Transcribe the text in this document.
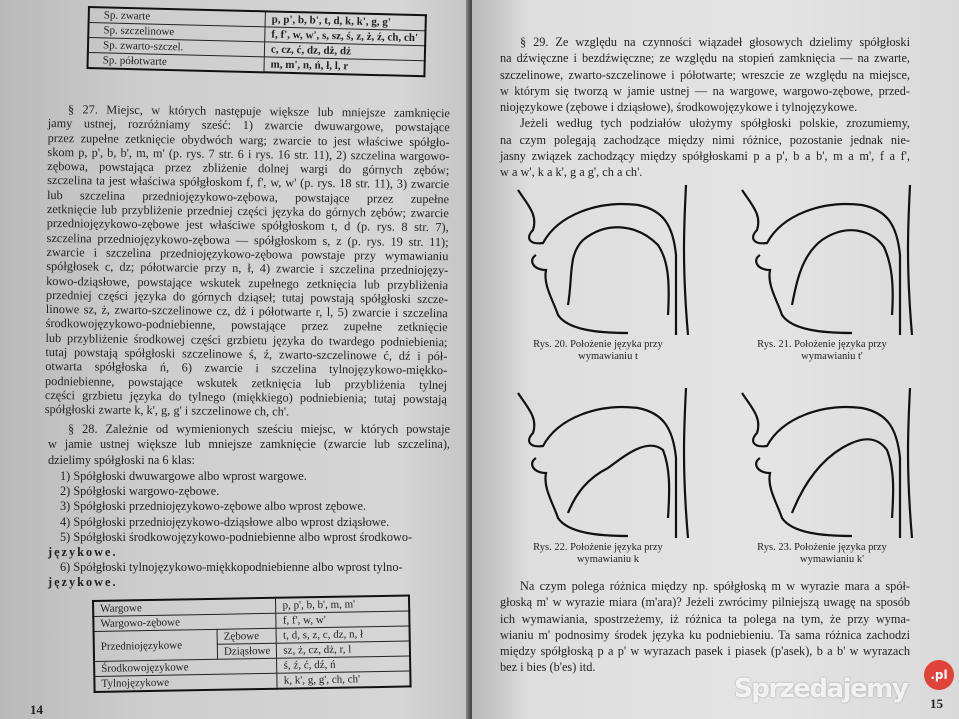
Sp. zwarte	p, p', b, b', t, d, k, k', g, g'
Sp. szczelinowe	f, f', w, w', s, sz, ś, z, ż, ź, ch, ch'
Sp. zwarto-szczel.	c, cz, ć, dz, dż, dź
Sp. półotwarte	m, m', n, ń, ł, l, r
§ 27. Miejsc, w których następuje większe lub mniejsze zamknięcie
jamy ustnej, rozróżniamy sześć: 1) zwarcie dwuwargowe, powstające
przez zupełne zetknięcie obydwóch warg; zwarcie to jest właściwe spółgło-
skom p, p', b, b', m, m' (p. rys. 7 str. 6 i rys. 16 str. 11), 2) szczelina wargowo-
zębowa, powstająca przez zbliżenie dolnej wargi do górnych zębów;
szczelina ta jest właściwa spółgłoskom f, f', w, w' (p. rys. 18 str. 11), 3) zwarcie
lub szczelina przedniojęzykowo-zębowa, powstające przez zupełne
zetknięcie lub przybliżenie przedniej części języka do górnych zębów; zwarcie
przedniojęzykowo-zębowe jest właściwe spółgłoskom t, d (p. rys. 8 str. 7),
szczelina przedniojęzykowo-zębowa — spółgłoskom s, z (p. rys. 19 str. 11);
zwarcie i szczelina przedniojęzykowo-zębowa powstaje przy wymawianiu
spółgłosek c, dz; półotwarcie przy n, ł, 4) zwarcie i szczelina przedniojęzy-
kowo-dziąsłowe, powstające wskutek zupełnego zetknięcia lub przybliżenia
przedniej części języka do górnych dziąseł; tutaj powstają spółgłoski szcze-
linowe sz, ż, zwarto-szczelinowe cz, dż i półotwarte r, l, 5) zwarcie i szczelina
środkowojęzykowo-podniebienne, powstające przez zupełne zetknięcie
lub przybliżenie środkowej części grzbietu języka do twardego podniebienia;
tutaj powstają spółgłoski szczelinowe ś, ź, zwarto-szczelinowe ć, dź i pół-
otwarta spółgłoska ń, 6) zwarcie i szczelina tylnojęzykowo-miękko-
podniebienne, powstające wskutek zetknięcia lub przybliżenia tylnej
części grzbietu języka do tylnego (miękkiego) podniebienia; tutaj powstają
spółgłoski zwarte k, k', g, g' i szczelinowe ch, ch'.
§ 28. Zależnie od wymienionych sześciu miejsc, w których powstaje
w jamie ustnej większe lub mniejsze zamknięcie (zwarcie lub szczelina),
dzielimy spółgłoski na 6 klas:
1) Spółgłoski dwuwargowe albo wprost wargowe.
2) Spółgłoski wargowo-zębowe.
3) Spółgłoski przedniojęzykowo-zębowe albo wprost zębowe.
4) Spółgłoski przedniojęzykowo-dziąsłowe albo wprost dziąsłowe.
5) Spółgłoski środkowojęzykowo-podniebienne albo wprost środkowo-
językowe.
6) Spółgłoski tylnojęzykowo-miękkopodniebienne albo wprost tylno-
językowe.
Wargowe		p, p', b, b', m, m'
Wargowo-zębowe		f, f', w, w'
Przedniojęzykowe	Zębowe	t, d, s, z, c, dz, n, ł
	Dziąsłowe	sz, ż, cz, dż, r, l
Środkowojęzykowe		ś, ź, ć, dź, ń
Tylnojęzykowe		k, k', g, g', ch, ch'
14
§ 29. Ze względu na czynności wiązadeł głosowych dzielimy spółgłoski
na dźwięczne i bezdźwięczne; ze względu na stopień zamknięcia — na zwarte,
szczelinowe, zwarto-szczelinowe i półotwarte; wreszcie ze względu na miejsce,
w którym się tworzą w jamie ustnej — na wargowe, wargowo-zębowe, przed-
niojęzykowe (zębowe i dziąsłowe), środkowojęzykowe i tylnojęzykowe.
Jeżeli według tych podziałów ułożymy spółgłoski polskie, zrozumiemy,
na czym polegają zachodzące między nimi różnice, pozostanie jednak nie-
jasny związek zachodzący między spółgłoskami p a p', b a b', m a m', f a f',
w a w', k a k', g a g', ch a ch'.
Rys. 20. Położenie języka przy
wymawianiu t
Rys. 21. Położenie języka przy
wymawianiu t'
Rys. 22. Położenie języka przy
wymawianiu k
Rys. 23. Położenie języka przy
wymawianiu k'
Na czym polega różnica między np. spółgłoską m w wyrazie mara a spół-
głoską m' w wyrazie miara (m'ara)? Jeżeli zwrócimy pilniejszą uwagę na sposób
ich wymawiania, spostrzeżemy, iż różnica ta polega na tym, że przy wyma-
wianiu m' podnosimy środek języka ku podniebieniu. Ta sama różnica zachodzi
między spółgłoską p a p' w wyrazach pasek i piasek (p'asek), b a b' w wyrazach
bez i bies (b'es) itd.
Sprzedajemy	.pl
15
